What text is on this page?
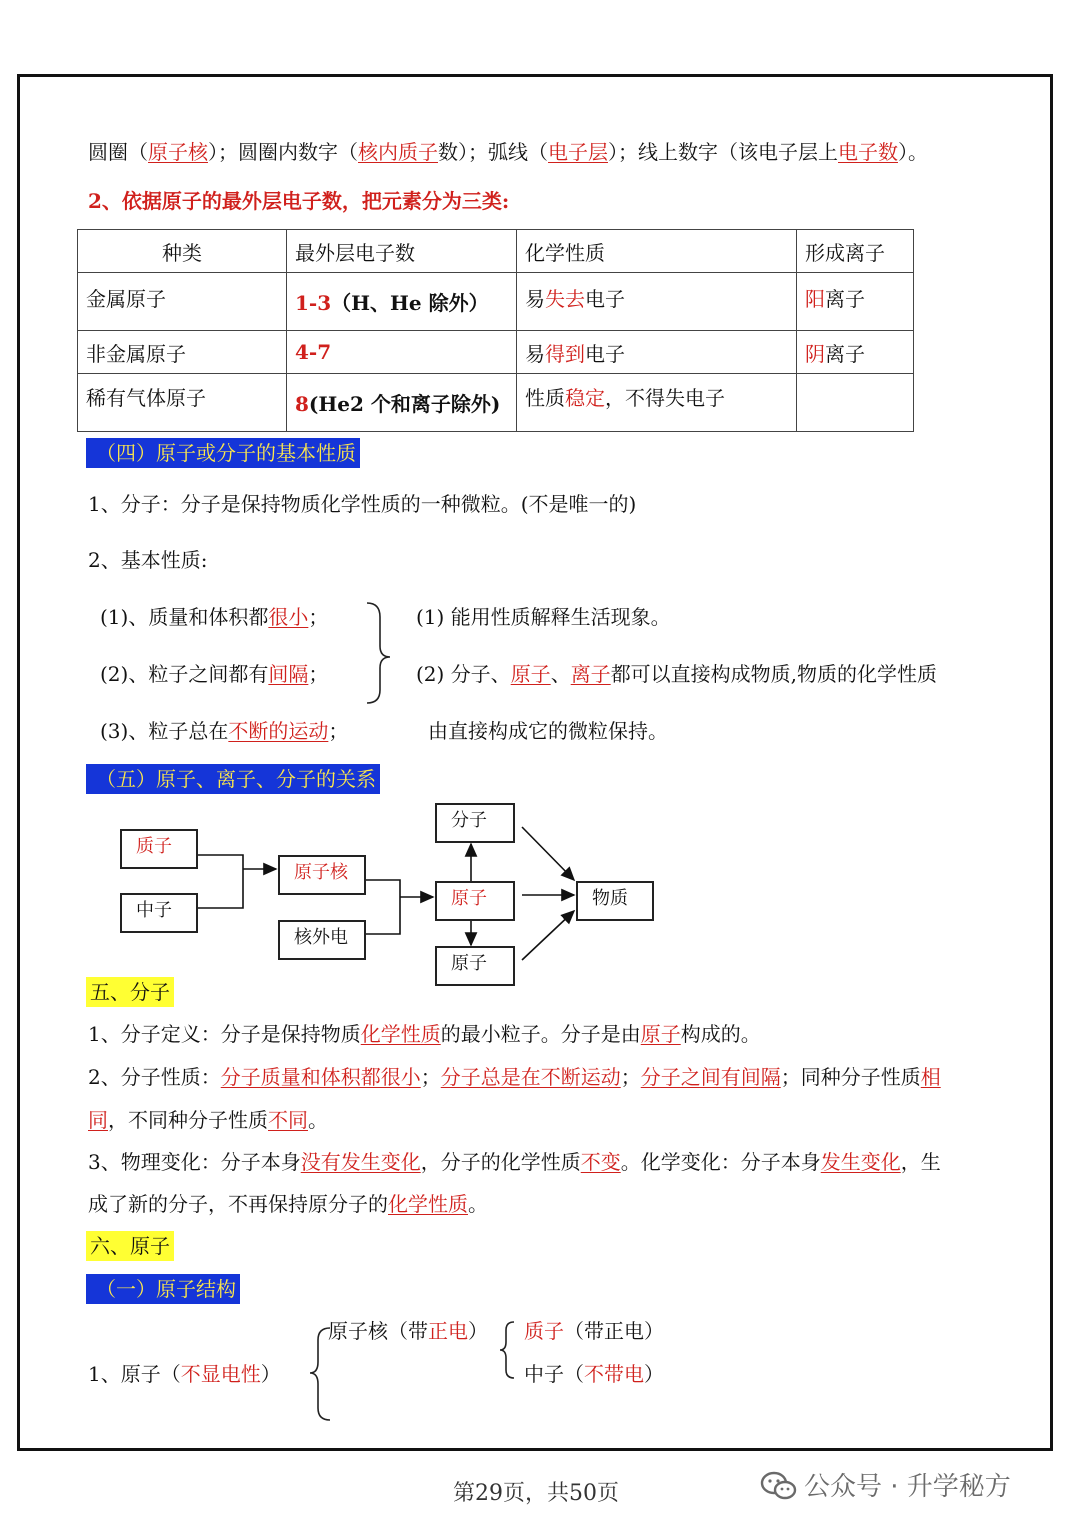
圆圈（原子核）；圆圈内数字（核内质子数）；弧线（电子层）；线上数字（该电子层上电子数）。
2、依据原子的最外层电子数，把元素分为三类:
种类	最外层电子数	化学性质	形成离子
金属原子	1-3（H、He 除外）	易失去电子	阳离子
非金属原子	4-7	易得到电子	阴离子
稀有气体原子	8(He2 个和离子除外)	性质稳定，不得失电子	
（四）原子或分子的基本性质
1、分子：分子是保持物质化学性质的一种微粒。(不是唯一的)
2、基本性质:
(1)、质量和体积都很小；
(2)、粒子之间都有间隔；
(3)、粒子总在不断的运动；
(1) 能用性质解释生活现象。
(2) 分子、原子、离子都可以直接构成物质,物质的化学性质
由直接构成它的微粒保持。
（五）原子、离子、分子的关系
质子
中子
原子核
核外电
分子
原子
原子
物质
五、分子
1、分子定义：分子是保持物质化学性质的最小粒子。分子是由原子构成的。
2、分子性质：分子质量和体积都很小；分子总是在不断运动；分子之间有间隔；同种分子性质相
同，不同种分子性质不同。
3、物理变化：分子本身没有发生变化，分子的化学性质不变。化学变化：分子本身发生变化，生
成了新的分子，不再保持原分子的化学性质。
六、原子
（一）原子结构
1、原子（不显电性）
原子核（带正电） 质子（带正电）
中子（不带电）
第29页，共50页	公众号 · 升学秘方
